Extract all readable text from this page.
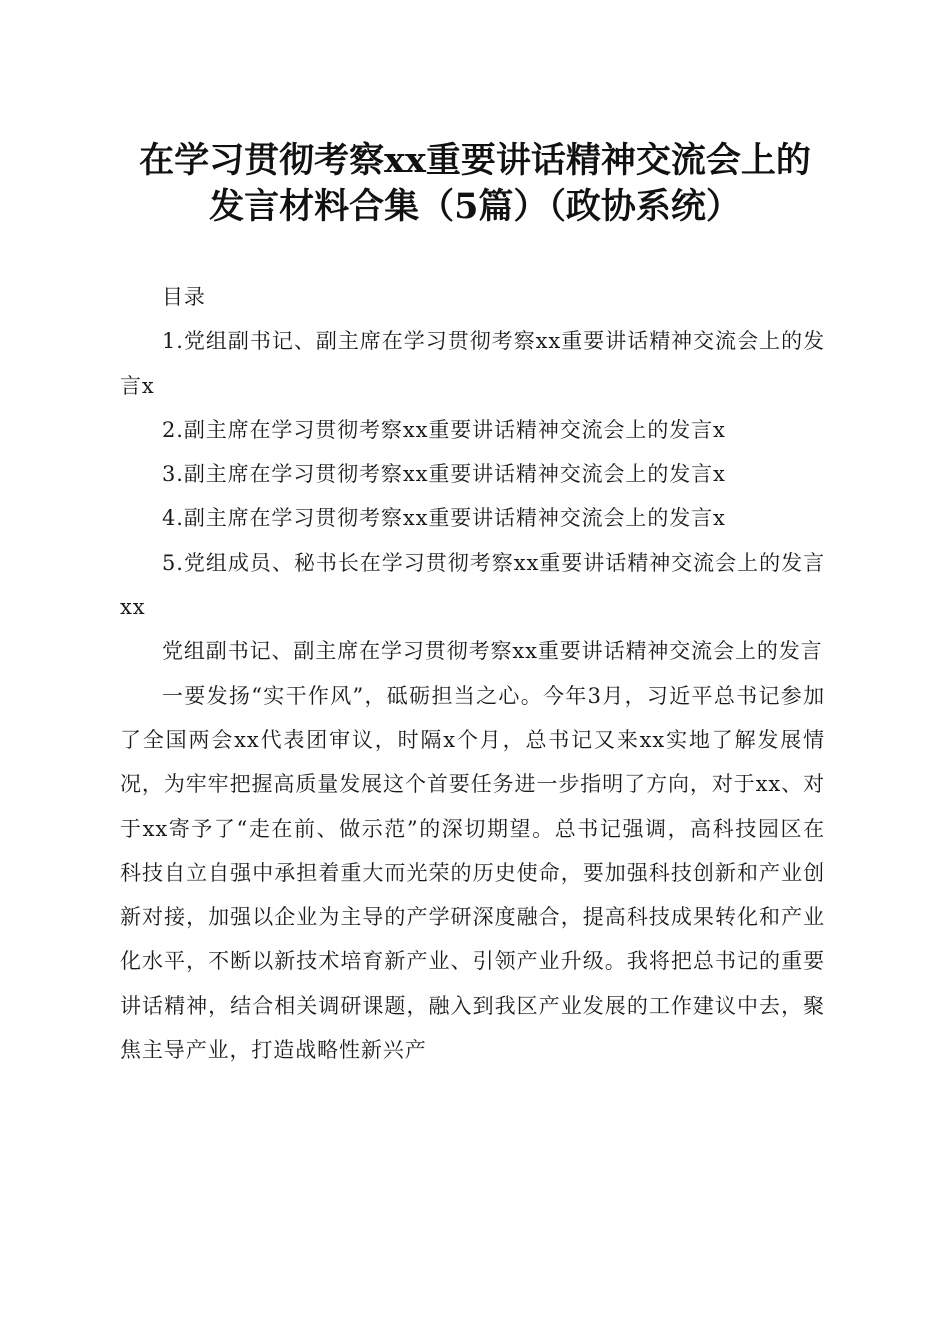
在学习贯彻考察xx重要讲话精神交流会上的
发言材料合集（5篇）（政协系统）

目录

1.党组副书记、副主席在学习贯彻考察xx重要讲话精神交流会上的发言x

2.副主席在学习贯彻考察xx重要讲话精神交流会上的发言x

3.副主席在学习贯彻考察xx重要讲话精神交流会上的发言x

4.副主席在学习贯彻考察xx重要讲话精神交流会上的发言x

5.党组成员、秘书长在学习贯彻考察xx重要讲话精神交流会上的发言xx

党组副书记、副主席在学习贯彻考察xx重要讲话精神交流会上的发言

一要发扬“实干作风”，砥砺担当之心。今年3月，习近平总书记参加了全国两会xx代表团审议，时隔x个月，总书记又来xx实地了解发展情况，为牢牢把握高质量发展这个首要任务进一步指明了方向，对于xx、对于xx寄予了“走在前、做示范”的深切期望。总书记强调，高科技园区在科技自立自强中承担着重大而光荣的历史使命，要加强科技创新和产业创新对接，加强以企业为主导的产学研深度融合，提高科技成果转化和产业化水平，不断以新技术培育新产业、引领产业升级。我将把总书记的重要讲话精神，结合相关调研课题，融入到我区产业发展的工作建议中去，聚焦主导产业，打造战略性新兴产
